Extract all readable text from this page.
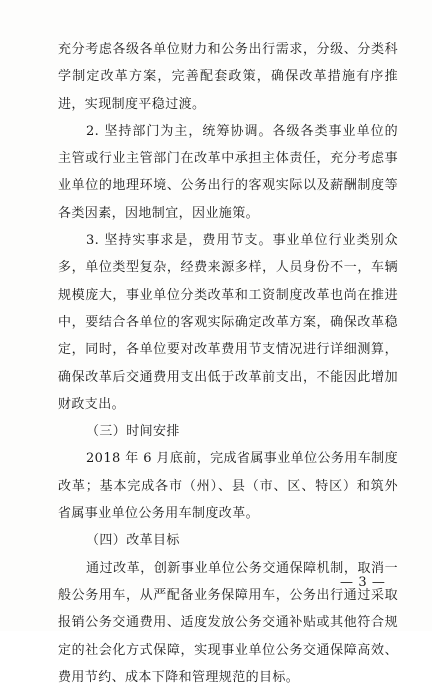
充分考虑各级各单位财力和公务出行需求，分级、分类科学制定改革方案，完善配套政策，确保改革措施有序推进，实现制度平稳过渡。

2. 坚持部门为主，统筹协调。各级各类事业单位的主管或行业主管部门在改革中承担主体责任，充分考虑事业单位的地理环境、公务出行的客观实际以及薪酬制度等各类因素，因地制宜，因业施策。

3. 坚持实事求是，费用节支。事业单位行业类别众多，单位类型复杂，经费来源多样，人员身份不一，车辆规模庞大，事业单位分类改革和工资制度改革也尚在推进中，要结合各单位的客观实际确定改革方案，确保改革稳定，同时，各单位要对改革费用节支情况进行详细测算，确保改革后交通费用支出低于改革前支出，不能因此增加财政支出。

（三）时间安排

2018 年 6 月底前，完成省属事业单位公务用车制度改革；基本完成各市（州）、县（市、区、特区）和筑外省属事业单位公务用车制度改革。

（四）改革目标

通过改革，创新事业单位公务交通保障机制，取消一般公务用车，从严配备业务保障用车，公务出行通过采取报销公务交通费用、适度发放公务交通补贴或其他符合规定的社会化方式保障，实现事业单位公务交通保障高效、费用节约、成本下降和管理规范的目标。

— 3 —
